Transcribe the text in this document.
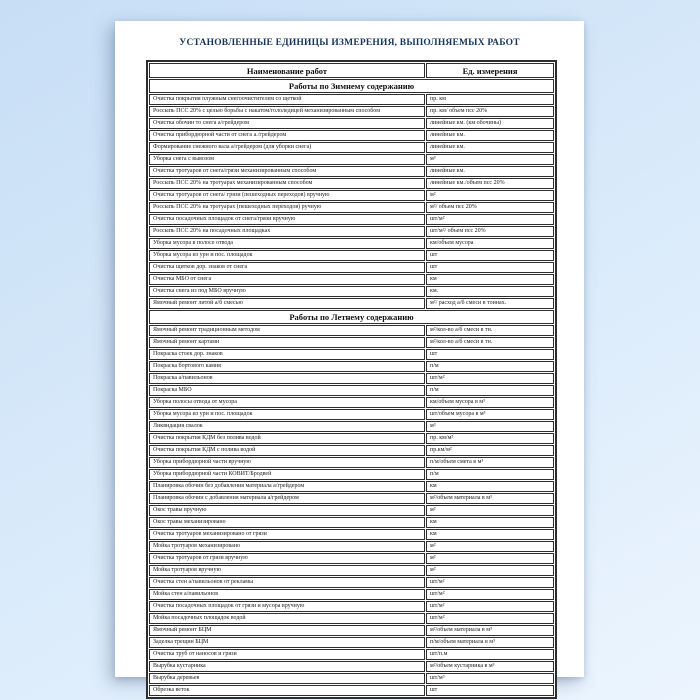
УСТАНОВЛЕННЫЕ ЕДИНИЦЫ ИЗМЕРЕНИЯ, ВЫПОЛНЯЕМЫХ РАБОТ
Наименование работ	Ед. измерения
Работы по Зимнему содержанию	
Очистка покрытия плужным снегоочистителем со щеткой	пр. км
Россыпь ПСС 20% с целью борьбы с накатом/гололедицей механизированным способом	пр. км/ объем псс 20%
Очистка обочин то снега а/грейдером	линейные км. (км обочины)
Очистка прибордюрной части от снега а./грейдером	линейные км.
Формирование снежного вала а/грейдером (для уборки снега)	линейные км.
Уборка снега с вывозом	м³
Очистка тротуаров от снега/грязи механизированным способом	линейные км.
Россыпь ПСС 20% на тротуарах механизированным способом	линейные км./объем псс 20%
Очистка тротуаров от снега/ грязи (пешеходных переходов) вручную	м²
Россыпь ПСС 20% на тротуарах (пешеходных переходов) ручную	м²/ объем псс 20%
Очистка посадочных площадок от снега/грязи вручную	шт/м²
Россыпь ПСС 20% на посадочных площадках	шт/м²/ объем псс 20%
Уборка мусора в полосе отвода	км/объем мусора
Уборка мусора из урн и пос. площадок	шт
Очистка щитков дор. знаков от снега	шт
Очистка МБО от снега	км
Очистка снега из под МБО вручную	км.
Ямочный ремонт литой а/б смесью	м²/ расход а/б смеси в тоннах.
Работы по Летнему содержанию	
Ямочный ремонт традиционным методом	м²/кол-во а/б смеси в тн.
Ямочный ремонт картами	м²/кол-во а/б смеси в тн.
Покраска стоек дор. знаков	шт
Покраска бортового камня	п/м
Покраска а/павильонов	шт/м²
Покраска МБО	п/м
Уборка полосы отвода от мусора	км/объем мусора в м³
Уборка мусора из урн и пос. площадок	шт/объем мусора в м³
Ликвидация свалок	м³
Очистка покрытия КДМ без полива водой	пр. км/м²
Очистка покрытия КДМ с полива водой	пр.км/м²
Уборка прибордюрной части вручную	п/м/объем смета в м³
Уборка прибордюрной части КОВИТ/Бродвей	п/м
Планировка обочин без добавления материала а/грейдером	км
Планировка обочин с добавления материала а/грейдером	м²/объем материала в м³
Окос травы вручную	м²
Окос травы механизировано	км
Очистка тротуаров механизировано от грязи	км
Мойка тротуаров механизировано	м²
Очистка тротуаров от грязи вручную	м²
Мойка тротуаров вручную	м²
Очистка стен а/павильонов от рекламы	шт/м²
Мойка стен а/павильонов	шт/м²
Очистка посадочных площадок от грязи и мусора вручную	шт/м²
Мойка посадочных площадок водой	шт/м²
Ямочный ремонт БЦМ	м²/объем материала в м³
Заделка трещин БЦМ	п/м/объем материала в м³
Очистка труб от наносов и грязи	шт/п.м
Вырубка кустарника	м²/объем кустарника в м³
Вырубка деревьев	шт/м³
Обрезка веток	шт
